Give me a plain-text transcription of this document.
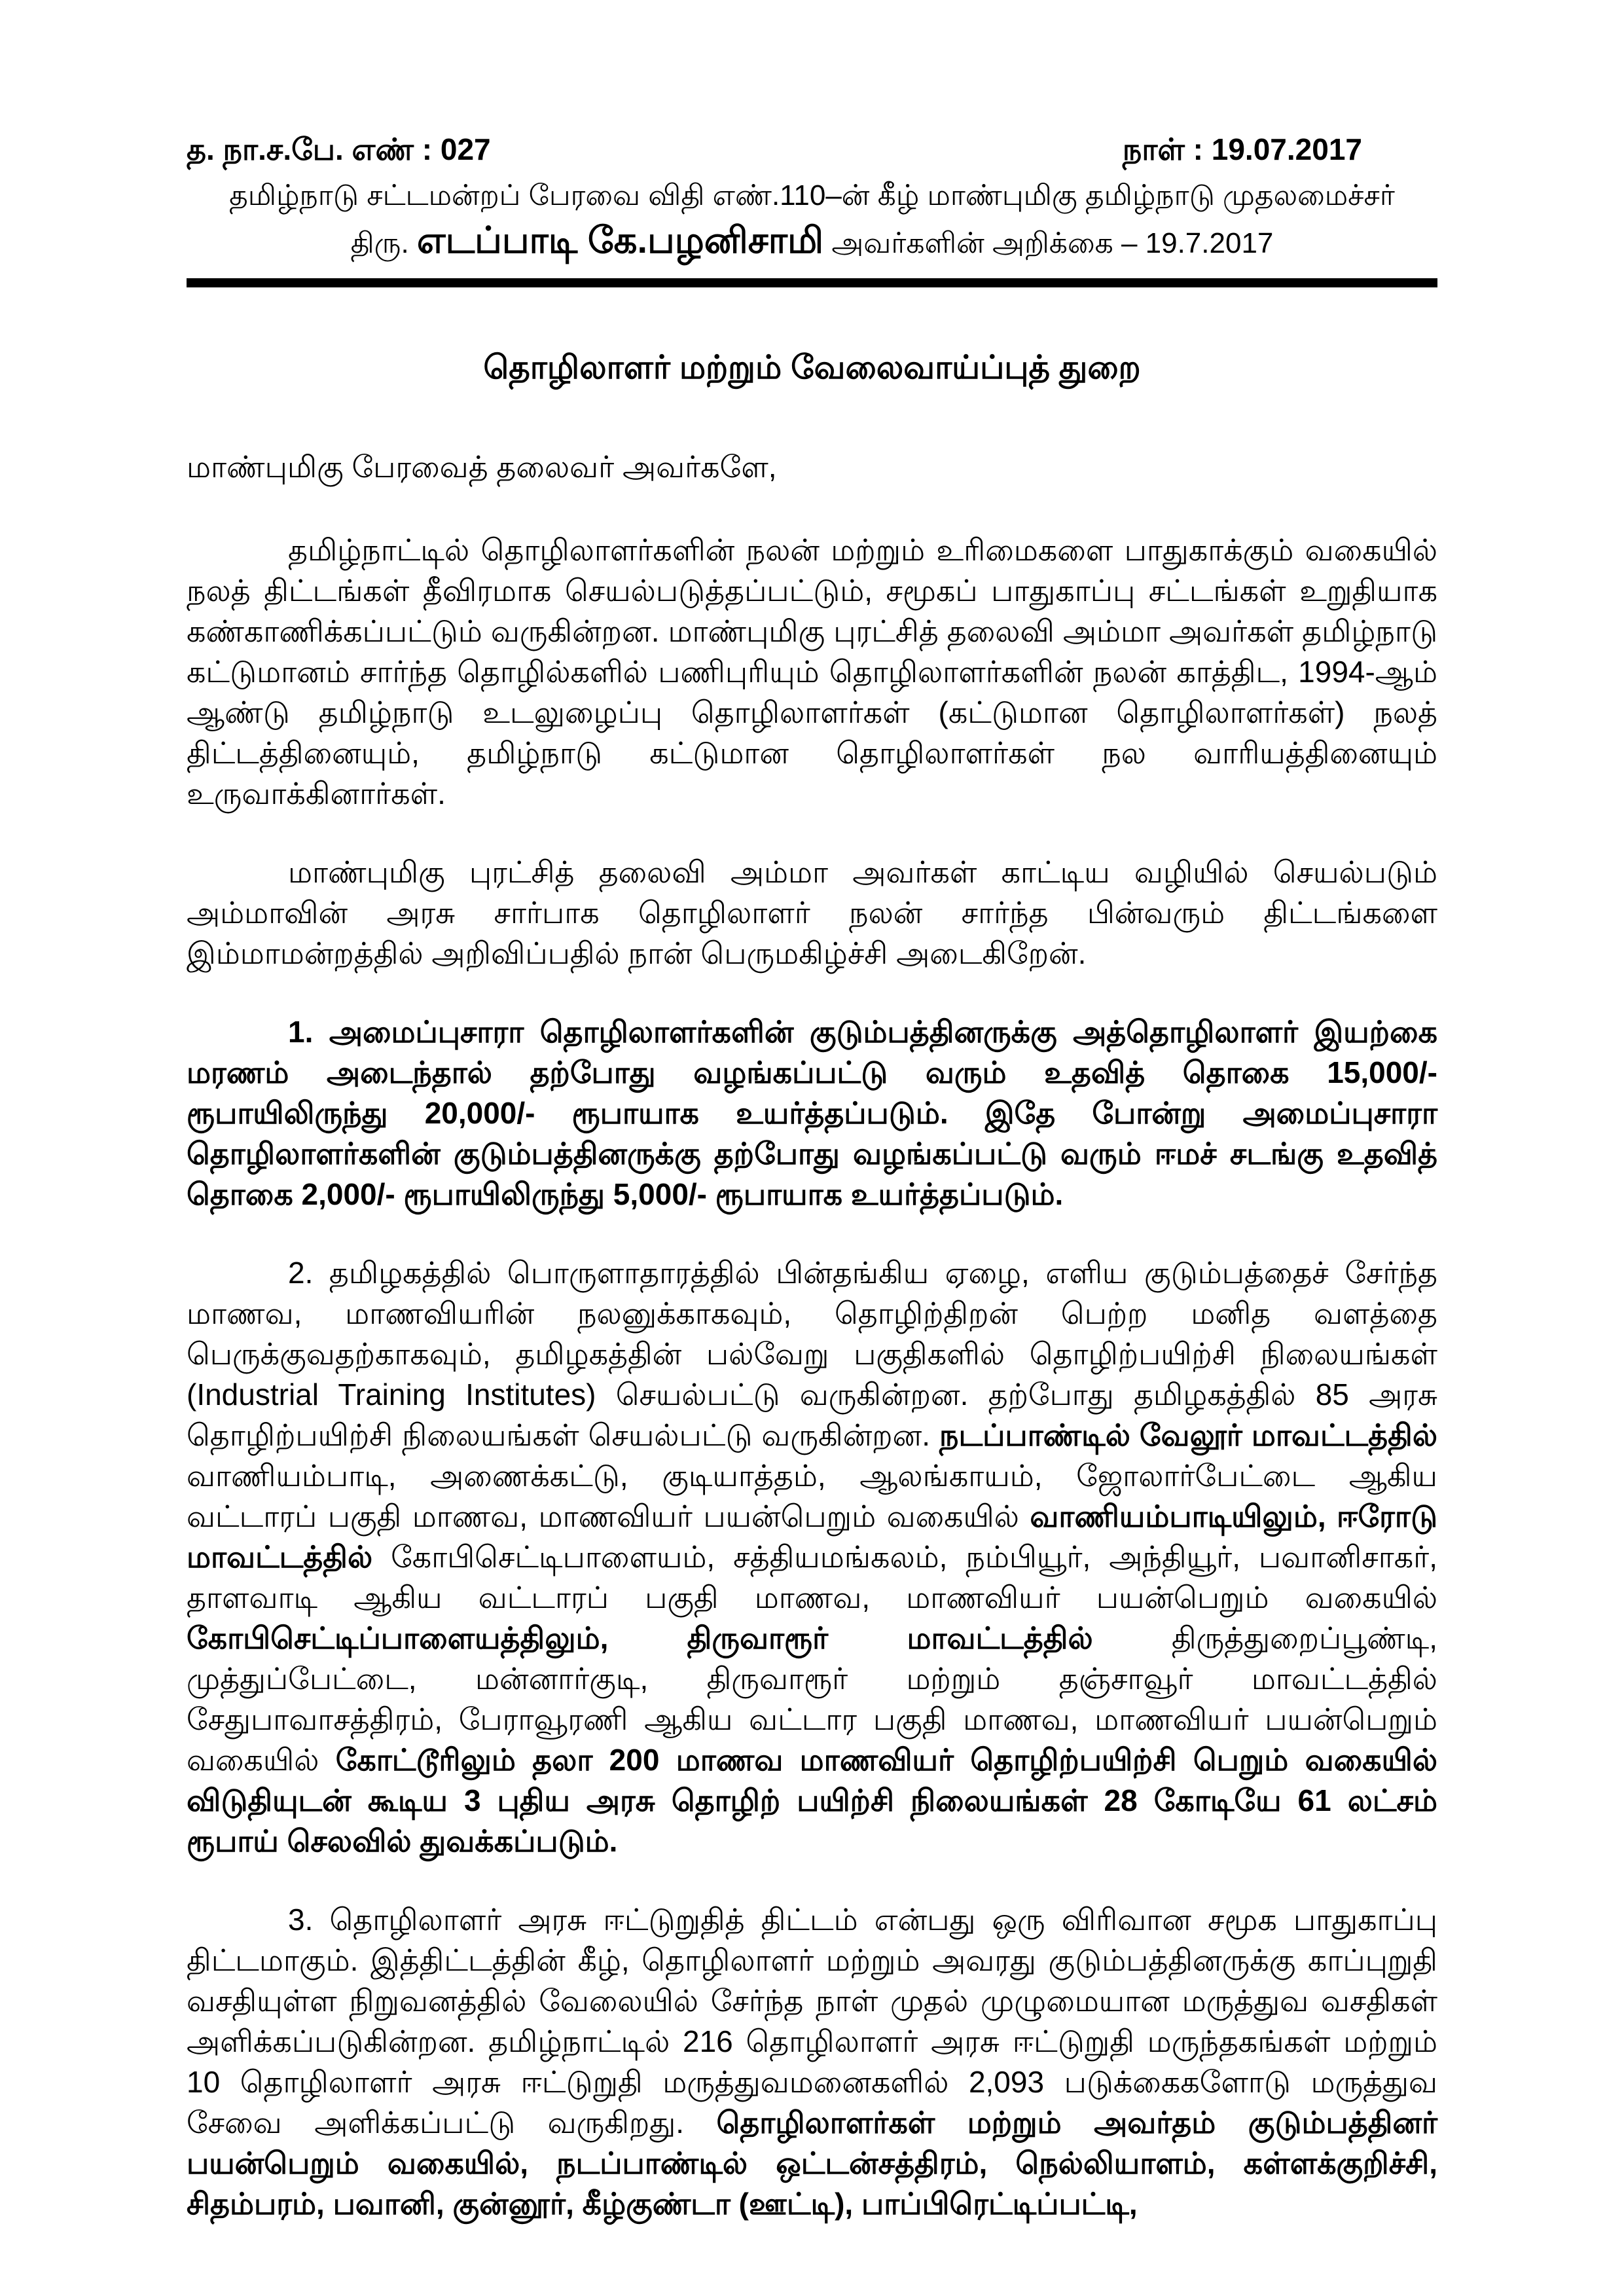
த. நா.ச.பே. எண் : 027	நாள் : 19.07.2017
தமிழ்நாடு சட்டமன்றப் பேரவை விதி எண்.110–ன் கீழ் மாண்புமிகு தமிழ்நாடு முதலமைச்சர்
திரு. எடப்பாடி கே.பழனிசாமி அவர்களின் அறிக்கை – 19.7.2017
தொழிலாளர் மற்றும் வேலைவாய்ப்புத் துறை
மாண்புமிகு பேரவைத் தலைவர் அவர்களே,

தமிழ்நாட்டில் தொழிலாளர்களின் நலன் மற்றும் உரிமைகளை பாதுகாக்கும் வகையில் நலத் திட்டங்கள் தீவிரமாக செயல்படுத்தப்பட்டும், சமூகப் பாதுகாப்பு சட்டங்கள் உறுதியாக கண்காணிக்கப்பட்டும் வருகின்றன. மாண்புமிகு புரட்சித் தலைவி அம்மா அவர்கள் தமிழ்நாடு கட்டுமானம் சார்ந்த தொழில்களில் பணிபுரியும் தொழிலாளர்களின் நலன் காத்திட, 1994-ஆம் ஆண்டு தமிழ்நாடு உடலுழைப்பு தொழிலாளர்கள் (கட்டுமான தொழிலாளர்கள்) நலத் திட்டத்தினையும், தமிழ்நாடு கட்டுமான தொழிலாளர்கள் நல வாரியத்தினையும் உருவாக்கினார்கள்.

மாண்புமிகு புரட்சித் தலைவி அம்மா அவர்கள் காட்டிய வழியில் செயல்படும் அம்மாவின் அரசு சார்பாக தொழிலாளர் நலன் சார்ந்த பின்வரும் திட்டங்களை இம்மாமன்றத்தில் அறிவிப்பதில் நான் பெருமகிழ்ச்சி அடைகிறேன்.

1. அமைப்புசாரா தொழிலாளர்களின் குடும்பத்தினருக்கு அத்தொழிலாளர் இயற்கை மரணம் அடைந்தால் தற்போது வழங்கப்பட்டு வரும் உதவித் தொகை 15,000/- ரூபாயிலிருந்து 20,000/- ரூபாயாக உயர்த்தப்படும். இதே போன்று அமைப்புசாரா தொழிலாளர்களின் குடும்பத்தினருக்கு தற்போது வழங்கப்பட்டு வரும் ஈமச் சடங்கு உதவித் தொகை 2,000/- ரூபாயிலிருந்து 5,000/- ரூபாயாக உயர்த்தப்படும்.

2. தமிழகத்தில் பொருளாதாரத்தில் பின்தங்கிய ஏழை, எளிய குடும்பத்தைச் சேர்ந்த மாணவ, மாணவியரின் நலனுக்காகவும், தொழிற்திறன் பெற்ற மனித வளத்தை பெருக்குவதற்காகவும், தமிழகத்தின் பல்வேறு பகுதிகளில் தொழிற்பயிற்சி நிலையங்கள் (Industrial Training Institutes) செயல்பட்டு வருகின்றன. தற்போது தமிழகத்தில் 85 அரசு தொழிற்பயிற்சி நிலையங்கள் செயல்பட்டு வருகின்றன. நடப்பாண்டில் வேலூர் மாவட்டத்தில் வாணியம்பாடி, அணைக்கட்டு, குடியாத்தம், ஆலங்காயம், ஜோலார்பேட்டை ஆகிய வட்டாரப் பகுதி மாணவ, மாணவியர் பயன்பெறும் வகையில் வாணியம்பாடியிலும், ஈரோடு மாவட்டத்தில் கோபிசெட்டிபாளையம், சத்தியமங்கலம், நம்பியூர், அந்தியூர், பவானிசாகர், தாளவாடி ஆகிய வட்டாரப் பகுதி மாணவ, மாணவியர் பயன்பெறும் வகையில் கோபிசெட்டிப்பாளையத்திலும், திருவாரூர் மாவட்டத்தில் திருத்துறைப்பூண்டி, முத்துப்பேட்டை, மன்னார்குடி, திருவாரூர் மற்றும் தஞ்சாவூர் மாவட்டத்தில் சேதுபாவாசத்திரம், பேராவூரணி ஆகிய வட்டார பகுதி மாணவ, மாணவியர் பயன்பெறும் வகையில் கோட்டூரிலும் தலா 200 மாணவ மாணவியர் தொழிற்பயிற்சி பெறும் வகையில் விடுதியுடன் கூடிய 3 புதிய அரசு தொழிற் பயிற்சி நிலையங்கள் 28 கோடியே 61 லட்சம் ரூபாய் செலவில் துவக்கப்படும்.

3. தொழிலாளர் அரசு ஈட்டுறுதித் திட்டம் என்பது ஒரு விரிவான சமூக பாதுகாப்பு திட்டமாகும். இத்திட்டத்தின் கீழ், தொழிலாளர் மற்றும் அவரது குடும்பத்தினருக்கு காப்புறுதி வசதியுள்ள நிறுவனத்தில் வேலையில் சேர்ந்த நாள் முதல் முழுமையான மருத்துவ வசதிகள் அளிக்கப்படுகின்றன. தமிழ்நாட்டில் 216 தொழிலாளர் அரசு ஈட்டுறுதி மருந்தகங்கள் மற்றும் 10 தொழிலாளர் அரசு ஈட்டுறுதி மருத்துவமனைகளில் 2,093 படுக்கைகளோடு மருத்துவ சேவை அளிக்கப்பட்டு வருகிறது. தொழிலாளர்கள் மற்றும் அவர்தம் குடும்பத்தினர் பயன்பெறும் வகையில், நடப்பாண்டில் ஒட்டன்சத்திரம், நெல்லியாளம், கள்ளக்குறிச்சி, சிதம்பரம், பவானி, குன்னூர், கீழ்குண்டா (ஊட்டி), பாப்பிரெட்டிப்பட்டி,
